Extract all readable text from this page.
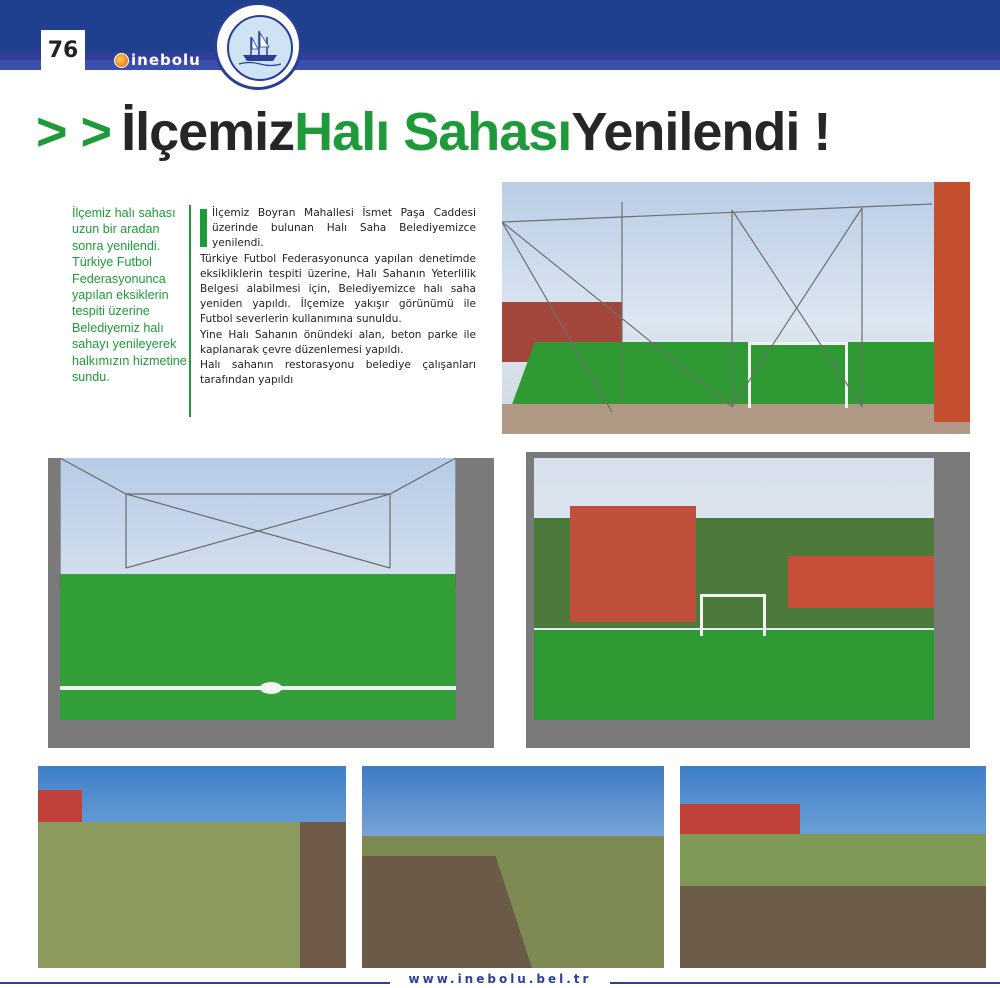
76	inebolu
> > İlçemiz Halı Sahası Yenilendi !
İlçemiz halı sahası uzun bir aradan sonra yenilendi. Türkiye Futbol Federasyonunca yapılan eksiklerin tespiti üzerine Belediyemiz halı sahayı yenileyerek halkımızın hizmetine sundu.

İlçemiz Boyran Mahallesi İsmet Paşa Caddesi üzerinde bulunan Halı Saha Belediyemizce yenilendi.

Türkiye Futbol Federasyonunca yapılan denetimde eksikliklerin tespiti üzerine, Halı Sahanın Yeterlilik Belgesi alabilmesi için, Belediyemizce halı saha yeniden yapıldı. İlçemize yakışır görünümü ile Futbol severlerin kullanımına sunuldu.

Yine Halı Sahanın önündeki alan, beton parke ile kaplanarak çevre düzenlemesi yapıldı.

Halı sahanın restorasyonu belediye çalışanları tarafından yapıldı

www.inebolu.bel.tr
